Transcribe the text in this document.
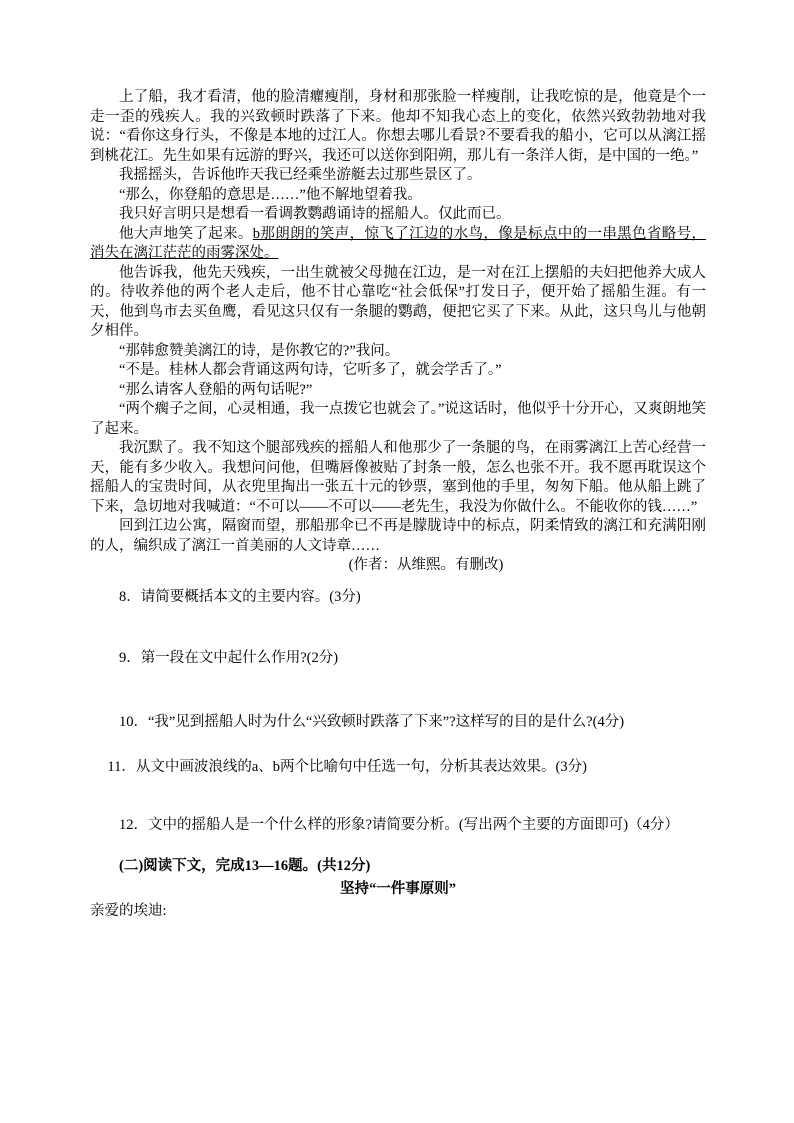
上了船，我才看清，他的脸清癯瘦削，身材和那张脸一样瘦削，让我吃惊的是，他竟是个一走一歪的残疾人。我的兴致顿时跌落了下来。他却不知我心态上的变化，依然兴致勃勃地对我说：“看你这身行头，不像是本地的过江人。你想去哪儿看景?不要看我的船小，它可以从漓江摇到桃花江。先生如果有远游的野兴，我还可以送你到阳朔，那儿有一条洋人街，是中国的一绝。”

我摇摇头，告诉他昨天我已经乘坐游艇去过那些景区了。

“那么，你登船的意思是……”他不解地望着我。

我只好言明只是想看一看调教鹦鹉诵诗的摇船人。仅此而已。

他大声地笑了起来。b那朗朗的笑声，惊飞了江边的水鸟，像是标点中的一串黑色省略号，消失在漓江茫茫的雨雾深处。

他告诉我，他先天残疾，一出生就被父母抛在江边，是一对在江上摆船的夫妇把他养大成人的。待收养他的两个老人走后，他不甘心靠吃“社会低保”打发日子，便开始了摇船生涯。有一天，他到鸟市去买鱼鹰，看见这只仅有一条腿的鹦鹉，便把它买了下来。从此，这只鸟儿与他朝夕相伴。

“那韩愈赞美漓江的诗，是你教它的?”我问。

“不是。桂林人都会背诵这两句诗，它听多了，就会学舌了。”

“那么请客人登船的两句话呢?”

“两个瘸子之间，心灵相通，我一点拨它也就会了。”说这话时，他似乎十分开心，又爽朗地笑了起来。

我沉默了。我不知这个腿部残疾的摇船人和他那少了一条腿的鸟，在雨雾漓江上苦心经营一天，能有多少收入。我想问问他，但嘴唇像被贴了封条一般，怎么也张不开。我不愿再耽误这个摇船人的宝贵时间，从衣兜里掏出一张五十元的钞票，塞到他的手里，匆匆下船。他从船上跳了下来，急切地对我喊道：“不可以——不可以——老先生，我没为你做什么。不能收你的钱……”

回到江边公寓，隔窗而望，那船那伞已不再是朦胧诗中的标点，阴柔情致的漓江和充满阳刚的人，编织成了漓江一首美丽的人文诗章……

(作者：从维熙。有删改)

8．请简要概括本文的主要内容。(3分)

9．第一段在文中起什么作用?(2分)

10．“我”见到摇船人时为什么“兴致顿时跌落了下来”?这样写的目的是什么?(4分)

11．从文中画波浪线的a、b两个比喻句中任选一句，分析其表达效果。(3分)

12．文中的摇船人是一个什么样的形象?请简要分析。(写出两个主要的方面即可)（4分）

(二)阅读下文，完成13—16题。(共12分)

坚持“一件事原则”

亲爱的埃迪:
